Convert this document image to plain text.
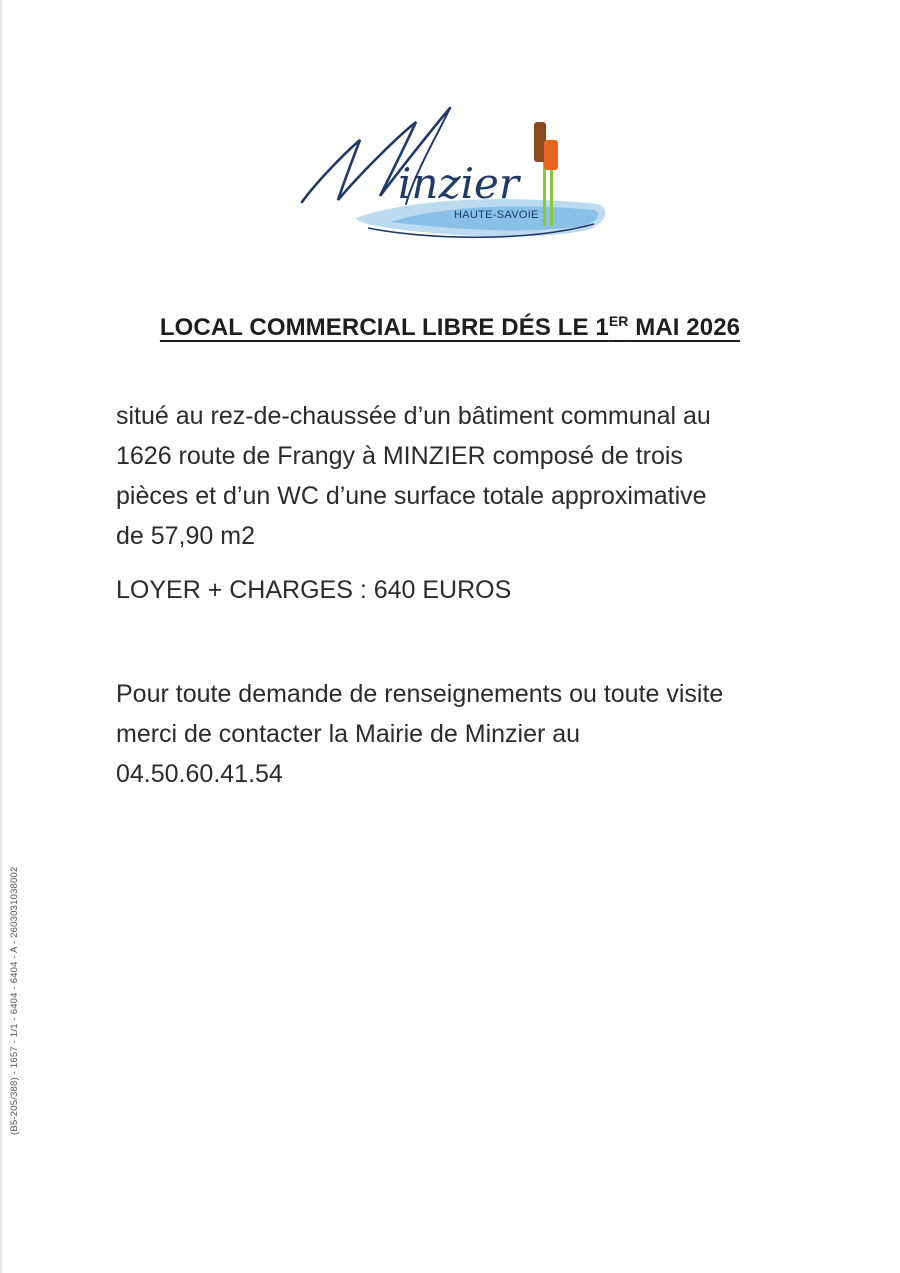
inzier
HAUTE-SAVOIE
LOCAL COMMERCIAL LIBRE DÉS LE 1ER MAI 2026
situé au rez-de-chaussée d’un bâtiment communal au
1626 route de Frangy à MINZIER composé de trois
pièces et d’un WC d’une surface totale approximative
de 57,90 m2
LOYER + CHARGES : 640 EUROS
Pour toute demande de renseignements ou toute visite
merci de contacter la Mairie de Minzier au
04.50.60.41.54
(B5-205/388) - 1657 - 1/1 - 6404 - 6404 - A - 2603031038002
